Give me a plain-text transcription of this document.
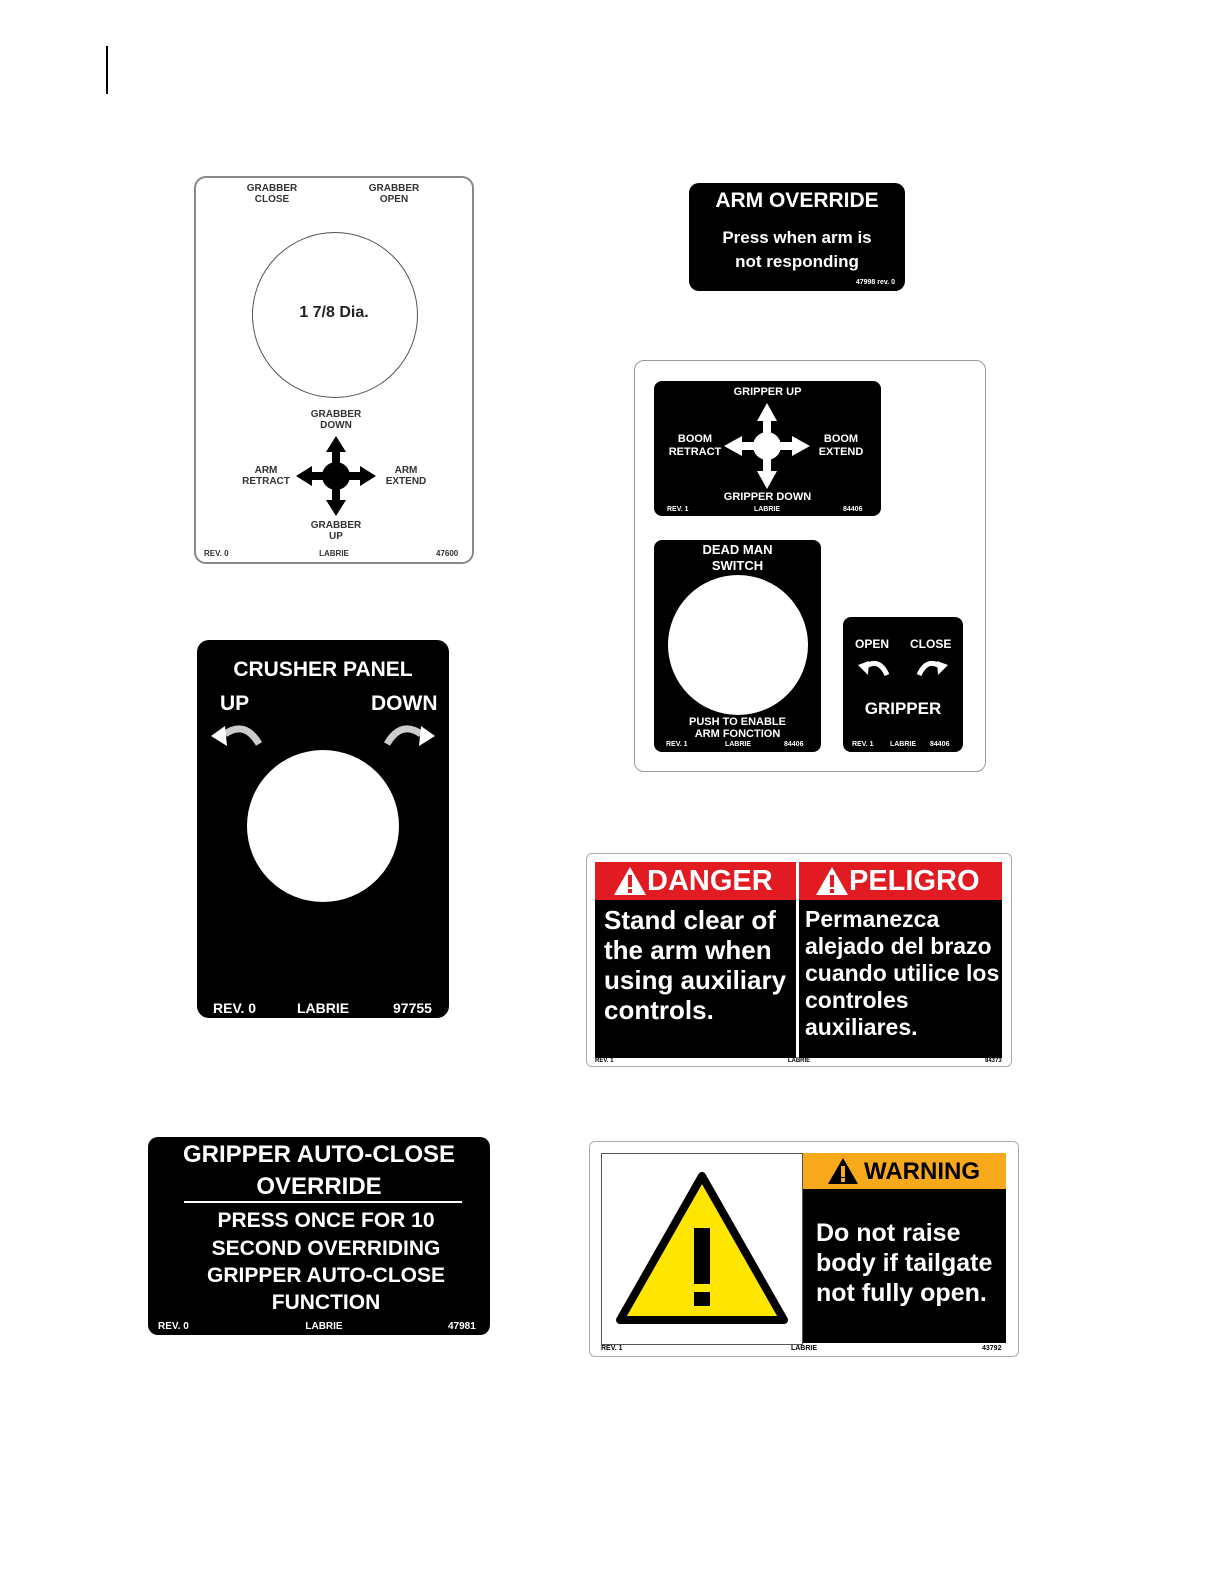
GRABBER
CLOSE
GRABBER
OPEN
1 7/8 Dia.
GRABBER
DOWN
ARM
RETRACT
ARM
EXTEND
GRABBER
UP
REV. 0	LABRIE	47600
ARM OVERRIDE
Press when arm is
not responding
47998 rev. 0
GRIPPER UP
BOOM
RETRACT
BOOM
EXTEND
GRIPPER DOWN
REV. 1	LABRIE	84406
DEAD MAN
SWITCH
PUSH TO ENABLE
ARM FONCTION
REV. 1	LABRIE	84406
OPEN CLOSE
GRIPPER
REV. 1	LABRIE	84406
CRUSHER PANEL
UP	DOWN
REV. 0	LABRIE	97755
DANGER
Stand clear of the arm when using auxiliary controls.
PELIGRO
Permanezca alejado del brazo cuando utilice los controles auxiliares.
REV. 1	LABRIE	84373
GRIPPER AUTO-CLOSE
OVERRIDE
PRESS ONCE FOR 10
SECOND OVERRIDING
GRIPPER AUTO-CLOSE
FUNCTION
REV. 0	LABRIE	47981
WARNING
Do not raise
body if tailgate
not fully open.
REV. 1	LABRIE	43792
